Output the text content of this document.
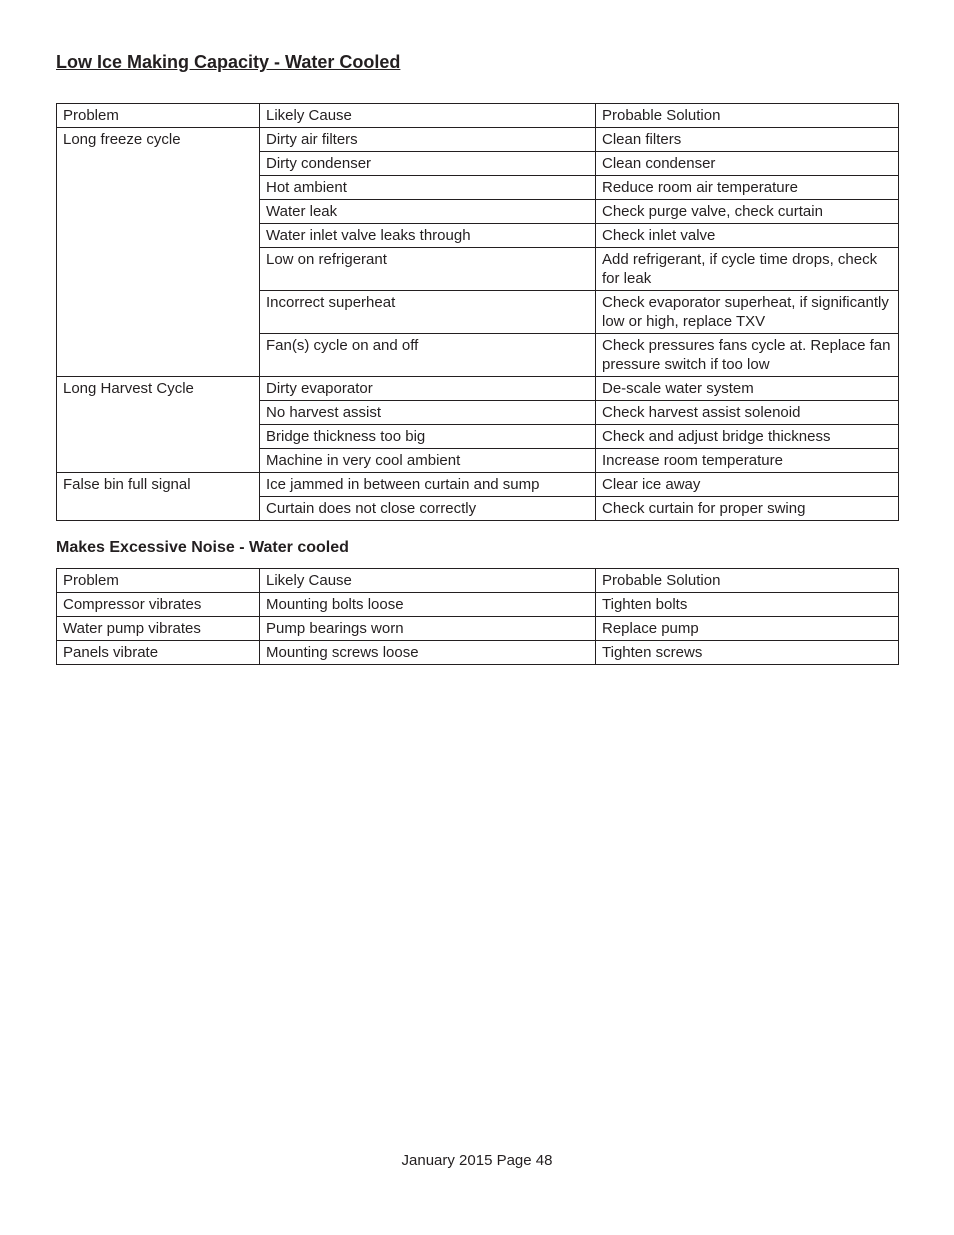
Low Ice Making Capacity - Water Cooled
Problem	Likely Cause	Probable Solution
Long freeze cycle	Dirty air filters	Clean filters
	Dirty condenser	Clean condenser
	Hot ambient	Reduce room air temperature
	Water leak	Check purge valve, check curtain
	Water inlet valve leaks through	Check inlet valve
	Low on refrigerant	Add refrigerant, if cycle time drops, check for leak
	Incorrect superheat	Check evaporator superheat, if significantly low or high, replace TXV
	Fan(s) cycle on and off	Check pressures fans cycle at. Replace fan pressure switch if too low
Long Harvest Cycle	Dirty evaporator	De-scale water system
	No harvest assist	Check harvest assist solenoid
	Bridge thickness too big	Check and adjust bridge thickness
	Machine in very cool ambient	Increase room temperature
False bin full signal	Ice jammed in between curtain and sump	Clear ice away
	Curtain does not close correctly	Check curtain for proper swing
Makes Excessive Noise - Water cooled
Problem	Likely Cause	Probable Solution
Compressor vibrates	Mounting bolts loose	Tighten bolts
Water pump vibrates	Pump bearings worn	Replace pump
Panels vibrate	Mounting screws loose	Tighten screws
January 2015 Page 48
